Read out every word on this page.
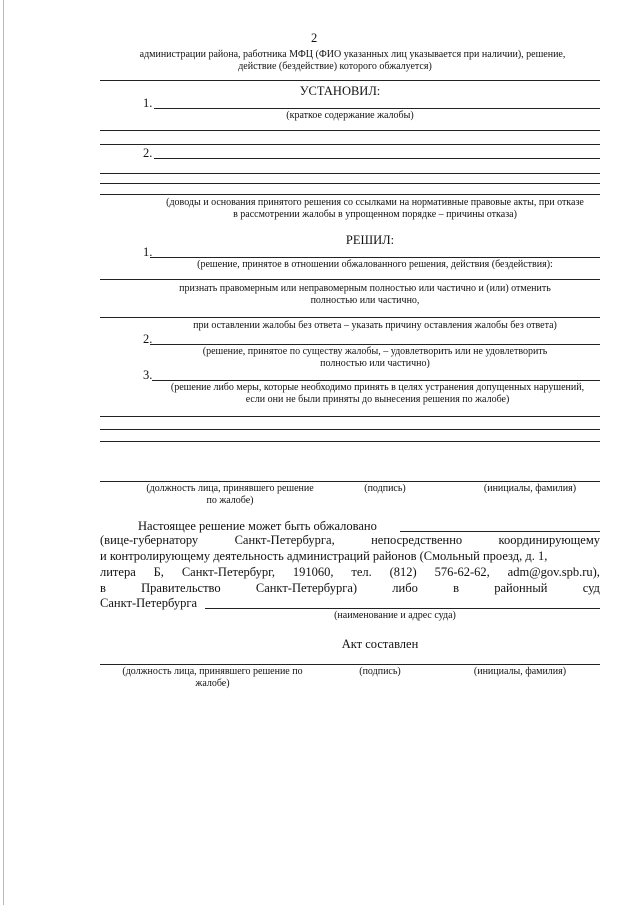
2
администрации района, работника МФЦ (ФИО указанных лиц указывается при наличии), решение,
действие (бездействие) которого обжалуется)
УСТАНОВИЛ:
1.
(краткое содержание жалобы)
2.
(доводы и основания принятого решения со ссылками на нормативные правовые акты, при отказе
в рассмотрении жалобы в упрощенном порядке – причины отказа)
РЕШИЛ:
1.
(решение, принятое в отношении обжалованного решения, действия (бездействия):
признать правомерным или неправомерным полностью или частично и (или) отменить
полностью или частично,
при оставлении жалобы без ответа – указать причину оставления жалобы без ответа)
2.
(решение, принятое по существу жалобы, – удовлетворить или не удовлетворить
полностью или частично)
3.
(решение либо меры, которые необходимо принять в целях устранения допущенных нарушений,
если они не были приняты до вынесения решения по жалобе)
(должность лица, принявшего решение
по жалобе)
(подпись)	(инициалы, фамилия)
Настоящее решение может быть обжаловано
(вице-губернатору	Санкт-Петербурга,	непосредственно	координирующему
и контролирующему деятельность администраций районов (Смольный проезд, д. 1,
литера Б, Санкт-Петербург, 191060, тел. (812) 576-62-62, adm@gov.spb.ru),
в	Правительство	Санкт-Петербурга)	либо	в	районный	суд
Санкт-Петербурга
(наименование и адрес суда)
Акт составлен
(должность лица, принявшего решение по
жалобе)
(подпись)	(инициалы, фамилия)
